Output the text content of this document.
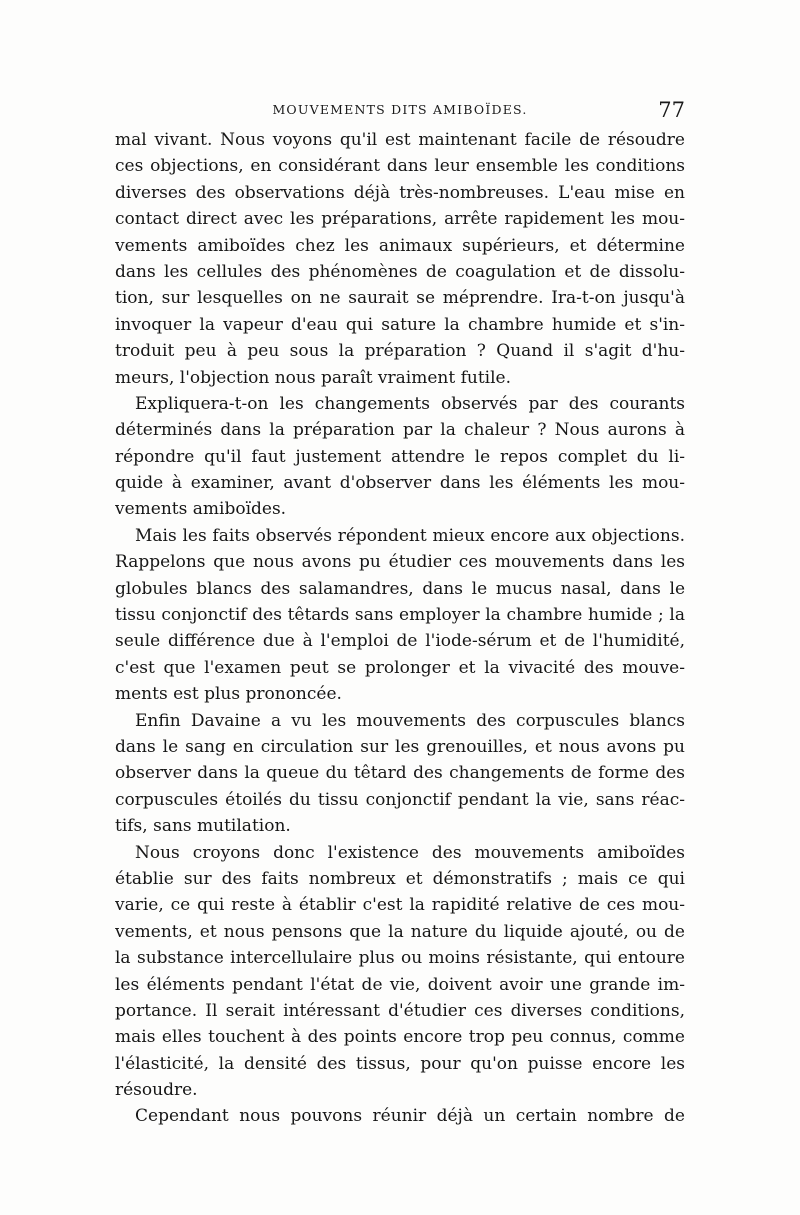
MOUVEMENTS DITS AMIBOÏDES.	77
mal vivant. Nous voyons qu'il est maintenant facile de résoudre
ces objections, en considérant dans leur ensemble les conditions
diverses des observations déjà très-nombreuses. L'eau mise en
contact direct avec les préparations, arrête rapidement les mou-
vements amiboïdes chez les animaux supérieurs, et détermine
dans les cellules des phénomènes de coagulation et de dissolu-
tion, sur lesquelles on ne saurait se méprendre. Ira-t-on jusqu'à
invoquer la vapeur d'eau qui sature la chambre humide et s'in-
troduit peu à peu sous la préparation ? Quand il s'agit d'hu-
meurs, l'objection nous paraît vraiment futile.
Expliquera-t-on les changements observés par des courants
déterminés dans la préparation par la chaleur ? Nous aurons à
répondre qu'il faut justement attendre le repos complet du li-
quide à examiner, avant d'observer dans les éléments les mou-
vements amiboïdes.
Mais les faits observés répondent mieux encore aux objections.
Rappelons que nous avons pu étudier ces mouvements dans les
globules blancs des salamandres, dans le mucus nasal, dans le
tissu conjonctif des têtards sans employer la chambre humide ; la
seule différence due à l'emploi de l'iode-sérum et de l'humidité,
c'est que l'examen peut se prolonger et la vivacité des mouve-
ments est plus prononcée.
Enfin Davaine a vu les mouvements des corpuscules blancs
dans le sang en circulation sur les grenouilles, et nous avons pu
observer dans la queue du têtard des changements de forme des
corpuscules étoilés du tissu conjonctif pendant la vie, sans réac-
tifs, sans mutilation.
Nous croyons donc l'existence des mouvements amiboïdes
établie sur des faits nombreux et démonstratifs ; mais ce qui
varie, ce qui reste à établir c'est la rapidité relative de ces mou-
vements, et nous pensons que la nature du liquide ajouté, ou de
la substance intercellulaire plus ou moins résistante, qui entoure
les éléments pendant l'état de vie, doivent avoir une grande im-
portance. Il serait intéressant d'étudier ces diverses conditions,
mais elles touchent à des points encore trop peu connus, comme
l'élasticité, la densité des tissus, pour qu'on puisse encore les
résoudre.
Cependant nous pouvons réunir déjà un certain nombre de
